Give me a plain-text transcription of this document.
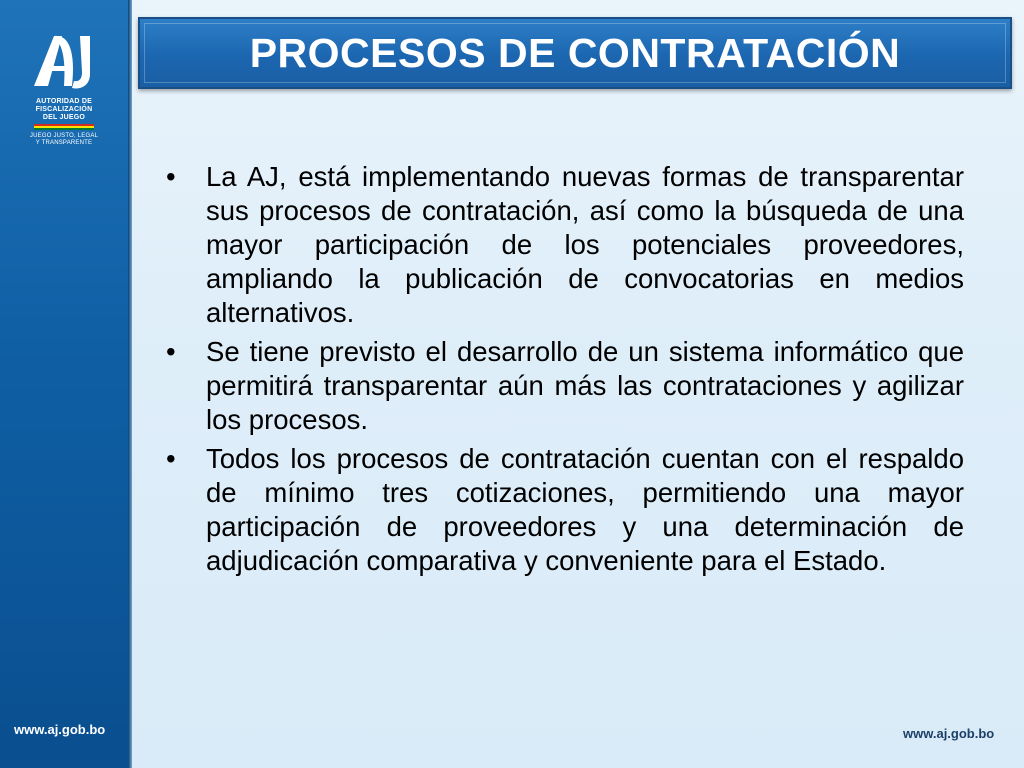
AUTORIDAD DE
FISCALIZACIÓN
DEL JUEGO
JUEGO JUSTO, LEGAL
Y TRANSPARENTE
www.aj.gob.bo
PROCESOS DE CONTRATACIÓN
•	La AJ, está implementando nuevas formas de transparentar sus procesos de contratación, así como la búsqueda de una mayor participación de los potenciales proveedores, ampliando la publicación de convocatorias en medios alternativos.
•	Se tiene previsto el desarrollo de un sistema informático que permitirá transparentar aún más las contrataciones y agilizar los procesos.
•	Todos los procesos de contratación cuentan con el respaldo de mínimo tres cotizaciones, permitiendo una mayor participación de proveedores y una determinación de adjudicación comparativa y conveniente para el Estado.
www.aj.gob.bo
